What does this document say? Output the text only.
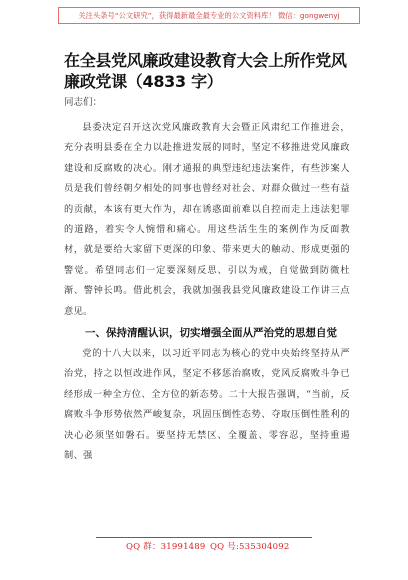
关注头条号“公文研究”，获得最新最全最专业的公文资料库！ 微信：gongwenyj
在全县党风廉政建设教育大会上所作党风廉政党课（4833 字）
同志们：

县委决定召开这次党风廉政教育大会暨正风肃纪工作推进会，充分表明县委在全力以赴推进发展的同时，坚定不移推进党风廉政建设和反腐败的决心。刚才通报的典型违纪违法案件，有些涉案人员是我们曾经朝夕相处的同事也曾经对社会、对群众做过一些有益的贡献，本该有更大作为，却在诱惑面前难以自控而走上违法犯罪的道路，着实令人惋惜和痛心。用这些活生生的案例作为反面教材，就是要给大家留下更深的印象、带来更大的触动、形成更强的警觉。希望同志们一定要深刻反思、引以为戒，自觉做到防微杜渐、警钟长鸣。借此机会，我就加强我县党风廉政建设工作讲三点意见。

一、保持清醒认识，切实增强全面从严治党的思想自觉

党的十八大以来，以习近平同志为核心的党中央始终坚持从严治党，持之以恒改进作风，坚定不移惩治腐败，党风反腐败斗争已经形成一种全方位、全方位的新态势。二十大报告强调，“当前，反腐败斗争形势依然严峻复杂，巩固压倒性态势、夺取压倒性胜利的决心必须坚如磐石。要坚持无禁区、全覆盖、零容忍，坚持重遏制、强

QQ 群：31991489 QQ 号:535304092
